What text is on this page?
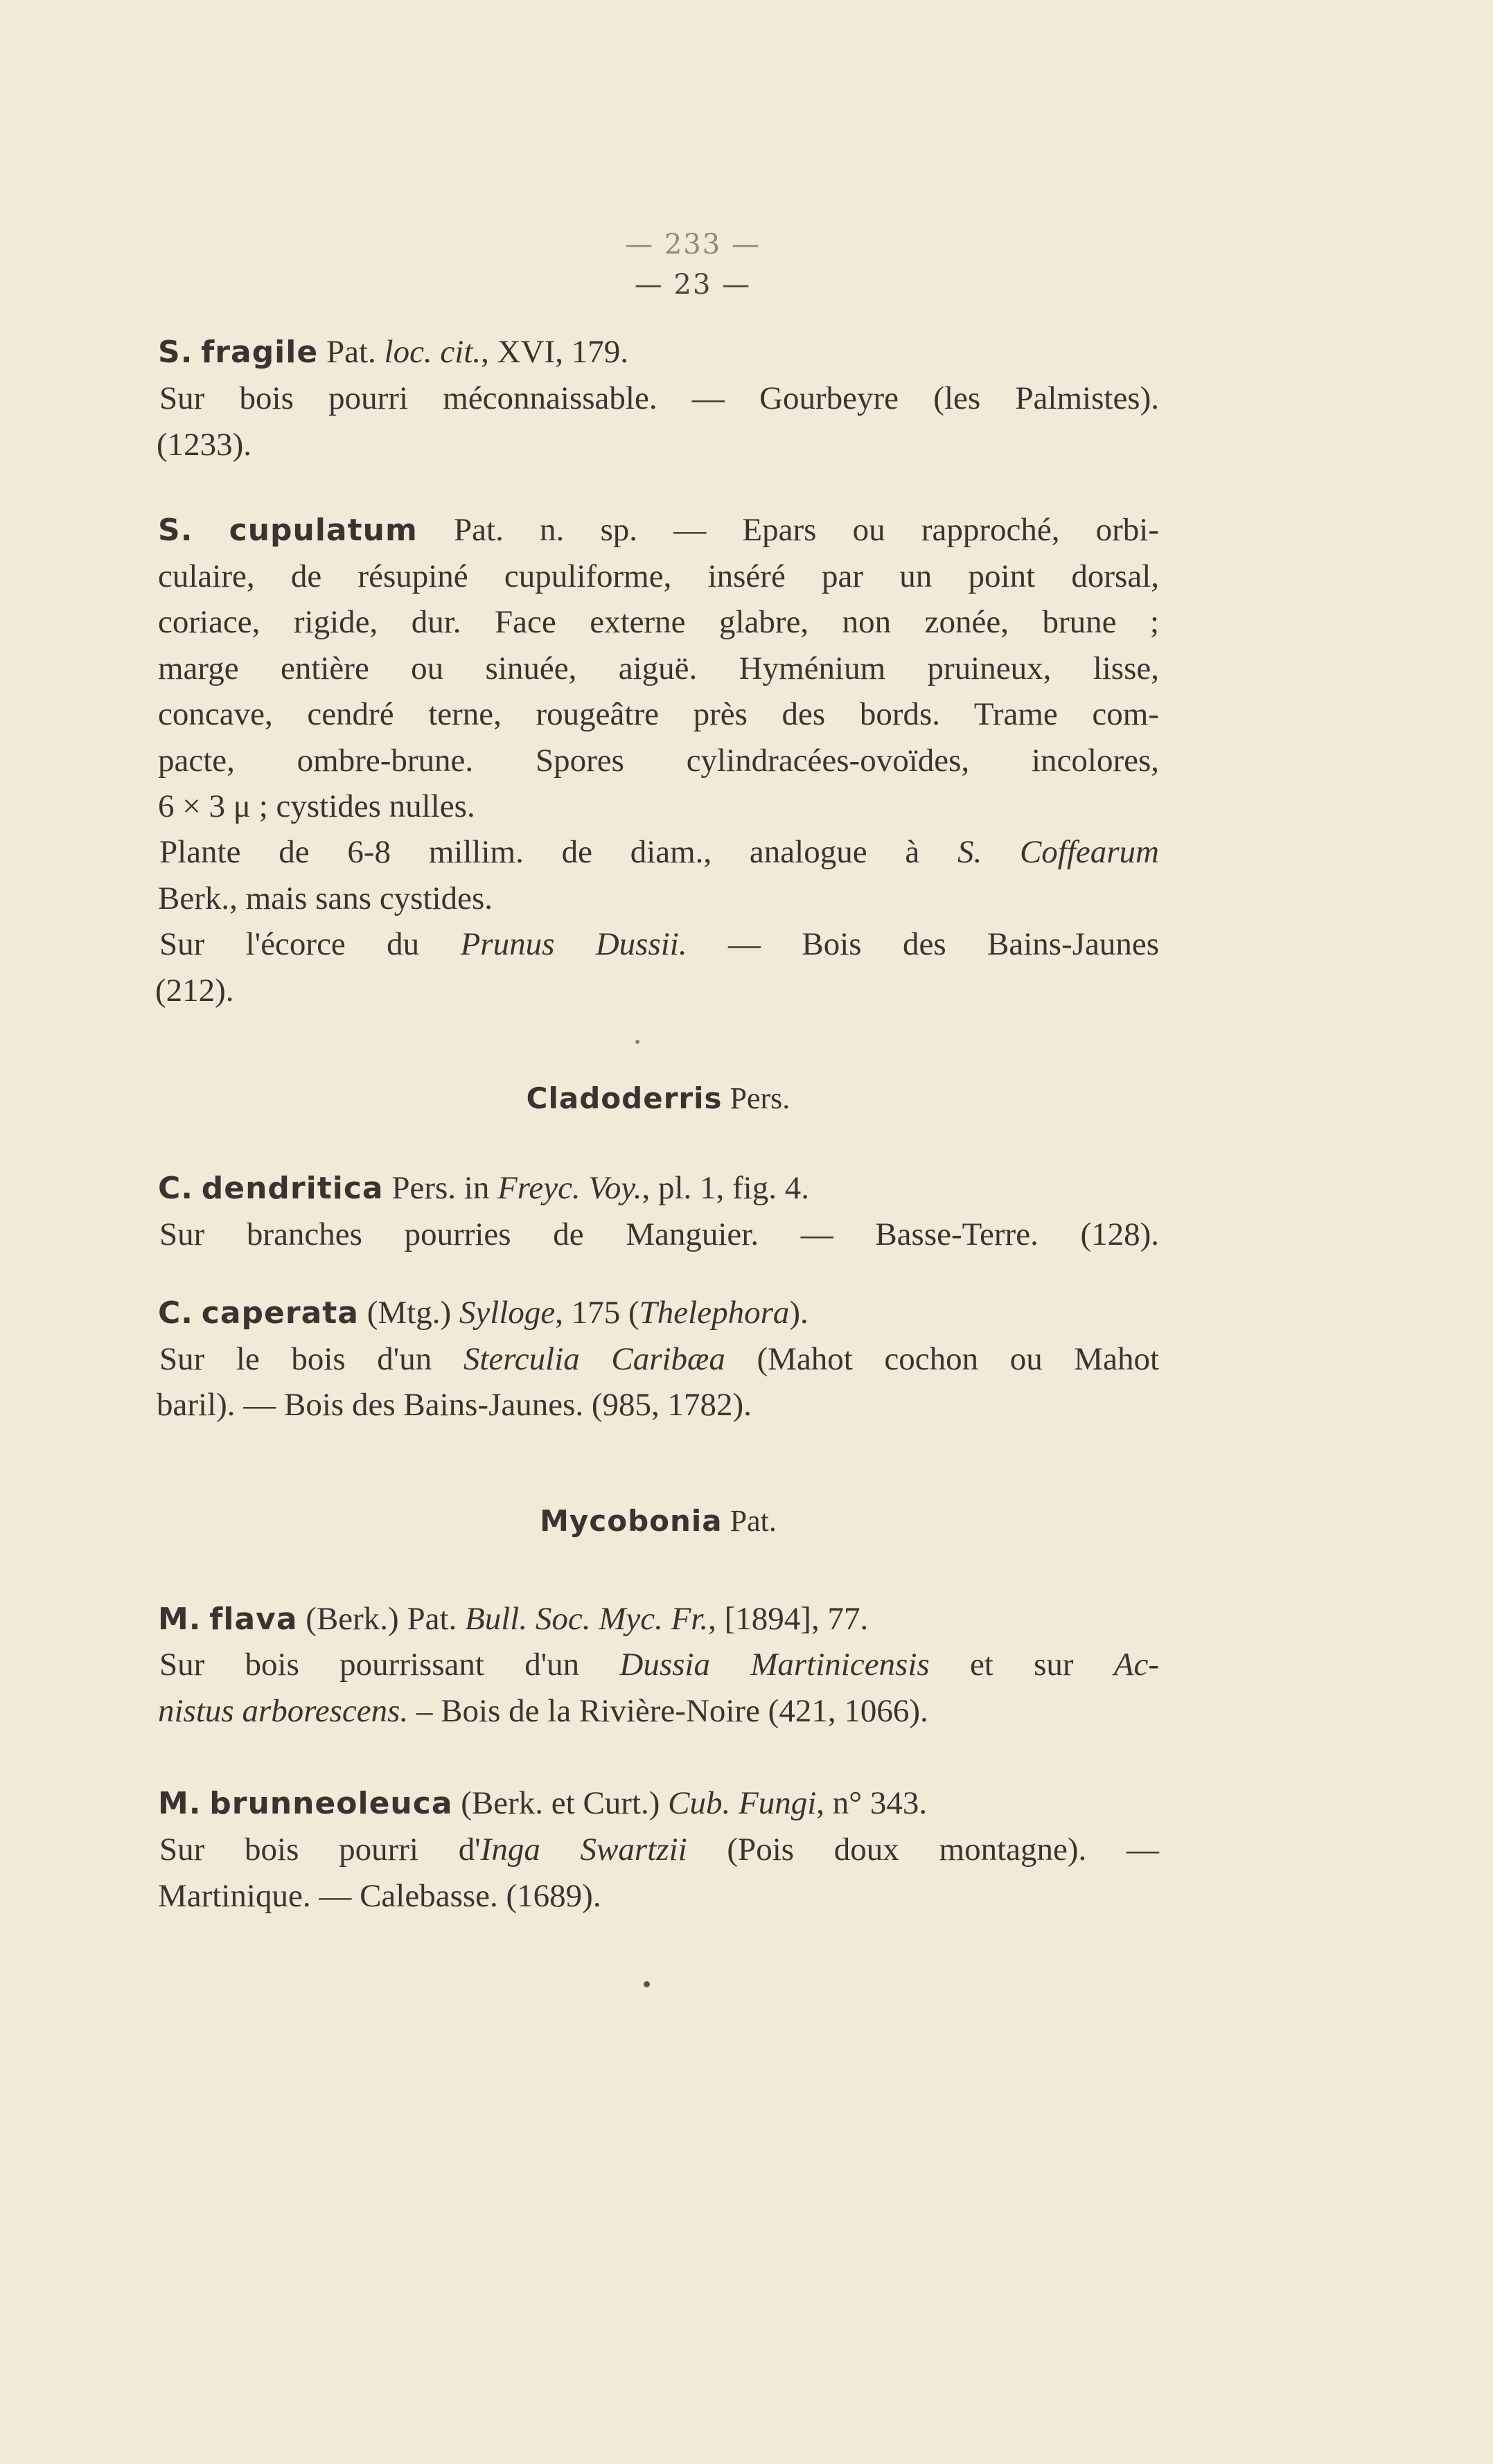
— 233 —
— 23 —
S. fragile Pat. loc. cit., XVI, 179.
Sur bois pourri méconnaissable. — Gourbeyre (les Palmistes).
(1233).
S. cupulatum Pat. n. sp. — Epars ou rapproché, orbi-
culaire, de résupiné cupuliforme, inséré par un point dorsal,
coriace, rigide, dur. Face externe glabre, non zonée, brune ;
marge entière ou sinuée, aiguë. Hyménium pruineux, lisse,
concave, cendré terne, rougeâtre près des bords. Trame com-
pacte, ombre-brune. Spores cylindracées-ovoïdes, incolores,
6 × 3 μ ; cystides nulles.
Plante de 6-8 millim. de diam., analogue à S. Coffearum
Berk., mais sans cystides.
Sur l'écorce du Prunus Dussii. — Bois des Bains-Jaunes
(212).
Cladoderris Pers.
C. dendritica Pers. in Freyc. Voy., pl. 1, fig. 4.
Sur branches pourries de Manguier. — Basse-Terre. (128).
C. caperata (Mtg.) Sylloge, 175 (Thelephora).
Sur le bois d'un Sterculia Caribæa (Mahot cochon ou Mahot
baril). — Bois des Bains-Jaunes. (985, 1782).
Mycobonia Pat.
M. flava (Berk.) Pat. Bull. Soc. Myc. Fr., [1894], 77.
Sur bois pourrissant d'un Dussia Martinicensis et sur Ac-
nistus arborescens. – Bois de la Rivière-Noire (421, 1066).
M. brunneoleuca (Berk. et Curt.) Cub. Fungi, n° 343.
Sur bois pourri d'Inga Swartzii (Pois doux montagne). —
Martinique. — Calebasse. (1689).
